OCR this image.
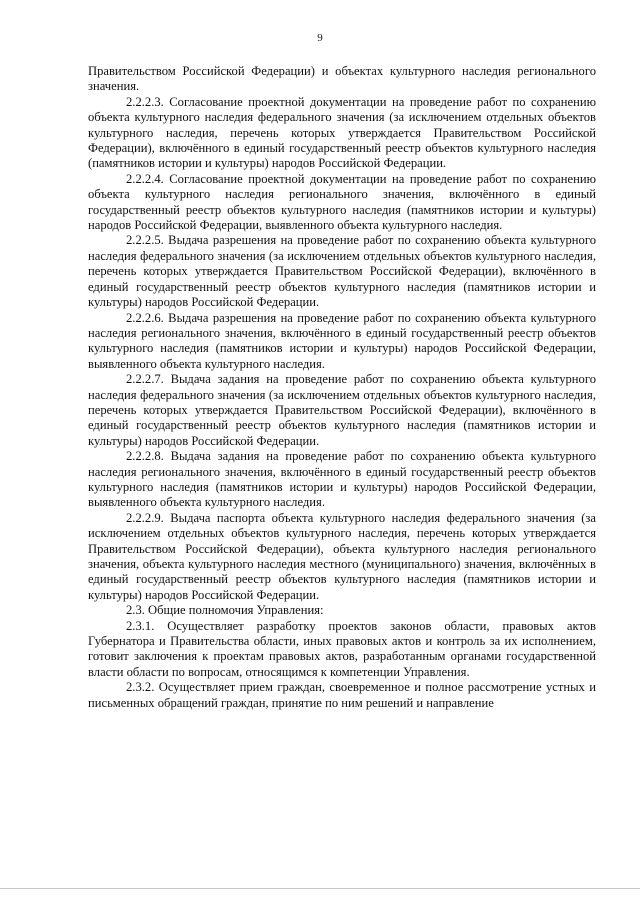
9

Правительством Российской Федерации) и объектах культурного наследия регионального значения.

2.2.2.3. Согласование проектной документации на проведение работ по сохранению объекта культурного наследия федерального значения (за исключением отдельных объектов культурного наследия, перечень которых утверждается Правительством Российской Федерации), включённого в единый государственный реестр объектов культурного наследия (памятников истории и культуры) народов Российской Федерации.

2.2.2.4. Согласование проектной документации на проведение работ по сохранению объекта культурного наследия регионального значения, включённого в единый государственный реестр объектов культурного наследия (памятников истории и культуры) народов Российской Федерации, выявленного объекта культурного наследия.

2.2.2.5. Выдача разрешения на проведение работ по сохранению объекта культурного наследия федерального значения (за исключением отдельных объектов культурного наследия, перечень которых утверждается Правительством Российской Федерации), включённого в единый государственный реестр объектов культурного наследия (памятников истории и культуры) народов Российской Федерации.

2.2.2.6. Выдача разрешения на проведение работ по сохранению объекта культурного наследия регионального значения, включённого в единый государственный реестр объектов культурного наследия (памятников истории и культуры) народов Российской Федерации, выявленного объекта культурного наследия.

2.2.2.7. Выдача задания на проведение работ по сохранению объекта культурного наследия федерального значения (за исключением отдельных объектов культурного наследия, перечень которых утверждается Правительством Российской Федерации), включённого в единый государственный реестр объектов культурного наследия (памятников истории и культуры) народов Российской Федерации.

2.2.2.8. Выдача задания на проведение работ по сохранению объекта культурного наследия регионального значения, включённого в единый государственный реестр объектов культурного наследия (памятников истории и культуры) народов Российской Федерации, выявленного объекта культурного наследия.

2.2.2.9. Выдача паспорта объекта культурного наследия федерального значения (за исключением отдельных объектов культурного наследия, перечень которых утверждается Правительством Российской Федерации), объекта культурного наследия регионального значения, объекта культурного наследия местного (муниципального) значения, включённых в единый государственный реестр объектов культурного наследия (памятников истории и культуры) народов Российской Федерации.

2.3. Общие полномочия Управления:

2.3.1. Осуществляет разработку проектов законов области, правовых актов Губернатора и Правительства области, иных правовых актов и контроль за их исполнением, готовит заключения к проектам правовых актов, разработанным органами государственной власти области по вопросам, относящимся к компетенции Управления.

2.3.2. Осуществляет прием граждан, своевременное и полное рассмотрение устных и письменных обращений граждан, принятие по ним решений и направление
